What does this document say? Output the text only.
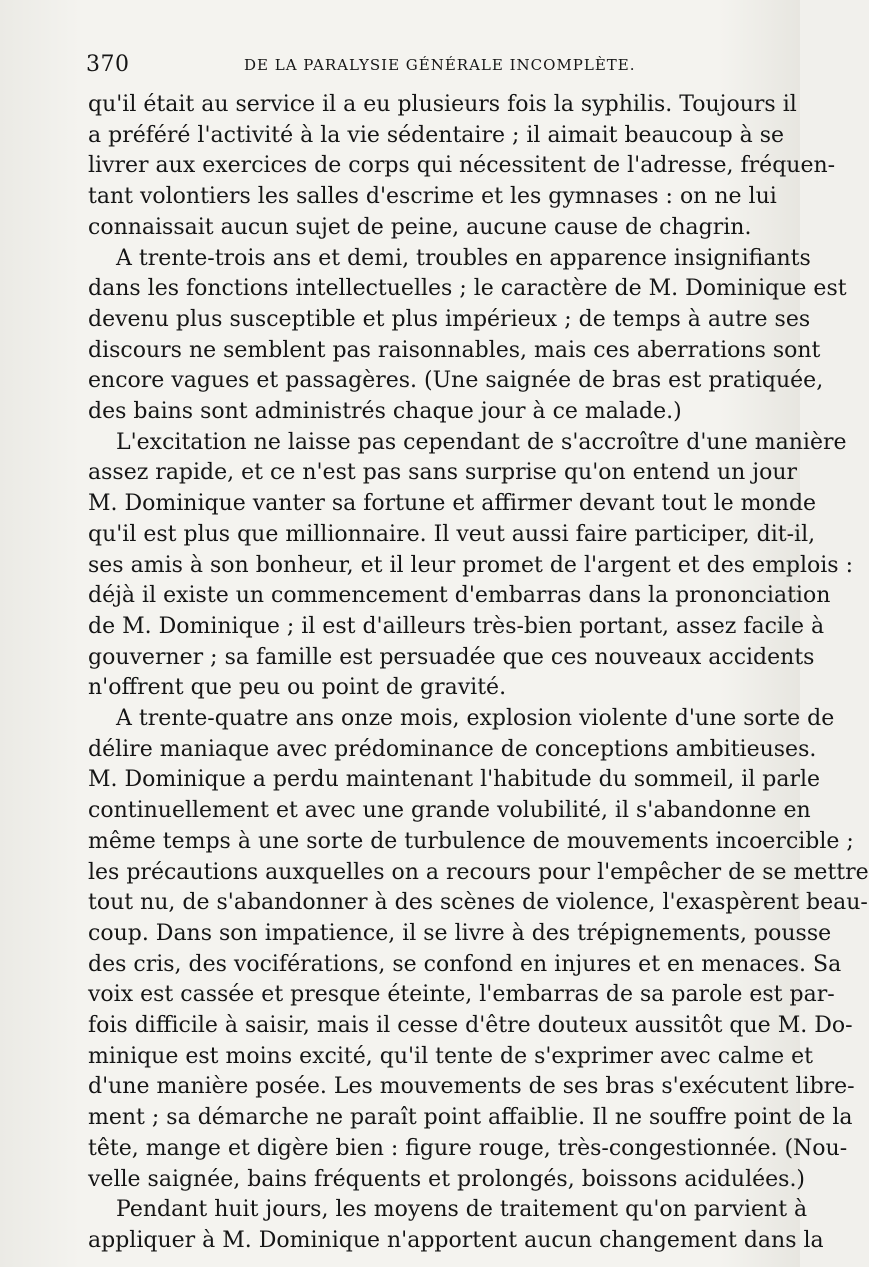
370	DE LA PARALYSIE GÉNÉRALE INCOMPLÈTE.
qu'il était au service il a eu plusieurs fois la syphilis. Toujours il
a préféré l'activité à la vie sédentaire ; il aimait beaucoup à se
livrer aux exercices de corps qui nécessitent de l'adresse, fréquen-
tant volontiers les salles d'escrime et les gymnases : on ne lui
connaissait aucun sujet de peine, aucune cause de chagrin.
A trente-trois ans et demi, troubles en apparence insignifiants
dans les fonctions intellectuelles ; le caractère de M. Dominique est
devenu plus susceptible et plus impérieux ; de temps à autre ses
discours ne semblent pas raisonnables, mais ces aberrations sont
encore vagues et passagères. (Une saignée de bras est pratiquée,
des bains sont administrés chaque jour à ce malade.)
L'excitation ne laisse pas cependant de s'accroître d'une manière
assez rapide, et ce n'est pas sans surprise qu'on entend un jour
M. Dominique vanter sa fortune et affirmer devant tout le monde
qu'il est plus que millionnaire. Il veut aussi faire participer, dit-il,
ses amis à son bonheur, et il leur promet de l'argent et des emplois :
déjà il existe un commencement d'embarras dans la prononciation
de M. Dominique ; il est d'ailleurs très-bien portant, assez facile à
gouverner ; sa famille est persuadée que ces nouveaux accidents
n'offrent que peu ou point de gravité.
A trente-quatre ans onze mois, explosion violente d'une sorte de
délire maniaque avec prédominance de conceptions ambitieuses.
M. Dominique a perdu maintenant l'habitude du sommeil, il parle
continuellement et avec une grande volubilité, il s'abandonne en
même temps à une sorte de turbulence de mouvements incoercible ;
les précautions auxquelles on a recours pour l'empêcher de se mettre
tout nu, de s'abandonner à des scènes de violence, l'exaspèrent beau-
coup. Dans son impatience, il se livre à des trépignements, pousse
des cris, des vociférations, se confond en injures et en menaces. Sa
voix est cassée et presque éteinte, l'embarras de sa parole est par-
fois difficile à saisir, mais il cesse d'être douteux aussitôt que M. Do-
minique est moins excité, qu'il tente de s'exprimer avec calme et
d'une manière posée. Les mouvements de ses bras s'exécutent libre-
ment ; sa démarche ne paraît point affaiblie. Il ne souffre point de la
tête, mange et digère bien : figure rouge, très-congestionnée. (Nou-
velle saignée, bains fréquents et prolongés, boissons acidulées.)
Pendant huit jours, les moyens de traitement qu'on parvient à
appliquer à M. Dominique n'apportent aucun changement dans la
